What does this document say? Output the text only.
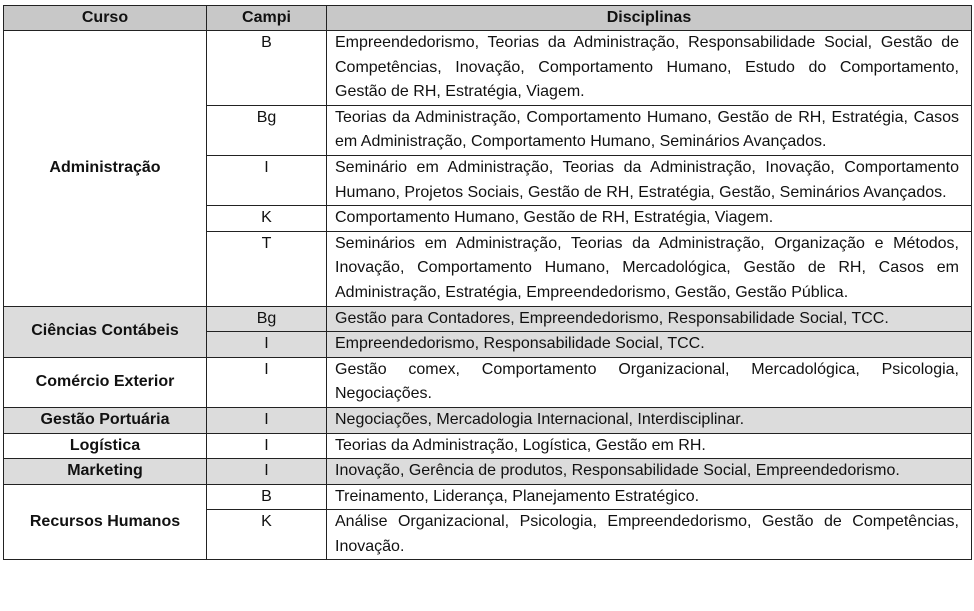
Curso	Campi	Disciplinas
Administração	B	Empreendedorismo, Teorias da Administração, Responsabilidade Social, Gestão de Competências, Inovação, Comportamento Humano, Estudo do Comportamento, Gestão de RH, Estratégia, Viagem.
	Bg	Teorias da Administração, Comportamento Humano, Gestão de RH, Estratégia, Casos em Administração, Comportamento Humano, Seminários Avançados.
	I	Seminário em Administração, Teorias da Administração, Inovação, Comportamento Humano, Projetos Sociais, Gestão de RH, Estratégia, Gestão, Seminários Avançados.
	K	Comportamento Humano, Gestão de RH, Estratégia, Viagem.
	T	Seminários em Administração, Teorias da Administração, Organização e Métodos, Inovação, Comportamento Humano, Mercadológica, Gestão de RH, Casos em Administração, Estratégia, Empreendedorismo, Gestão, Gestão Pública.
Ciências Contábeis	Bg	Gestão para Contadores, Empreendedorismo, Responsabilidade Social, TCC.
	I	Empreendedorismo, Responsabilidade Social, TCC.
Comércio Exterior	I	Gestão comex, Comportamento Organizacional, Mercadológica, Psicologia, Negociações.
Gestão Portuária	I	Negociações, Mercadologia Internacional, Interdisciplinar.
Logística	I	Teorias da Administração, Logística, Gestão em RH.
Marketing	I	Inovação, Gerência de produtos, Responsabilidade Social, Empreendedorismo.
Recursos Humanos	B	Treinamento, Liderança, Planejamento Estratégico.
	K	Análise Organizacional, Psicologia, Empreendedorismo, Gestão de Competências, Inovação.
